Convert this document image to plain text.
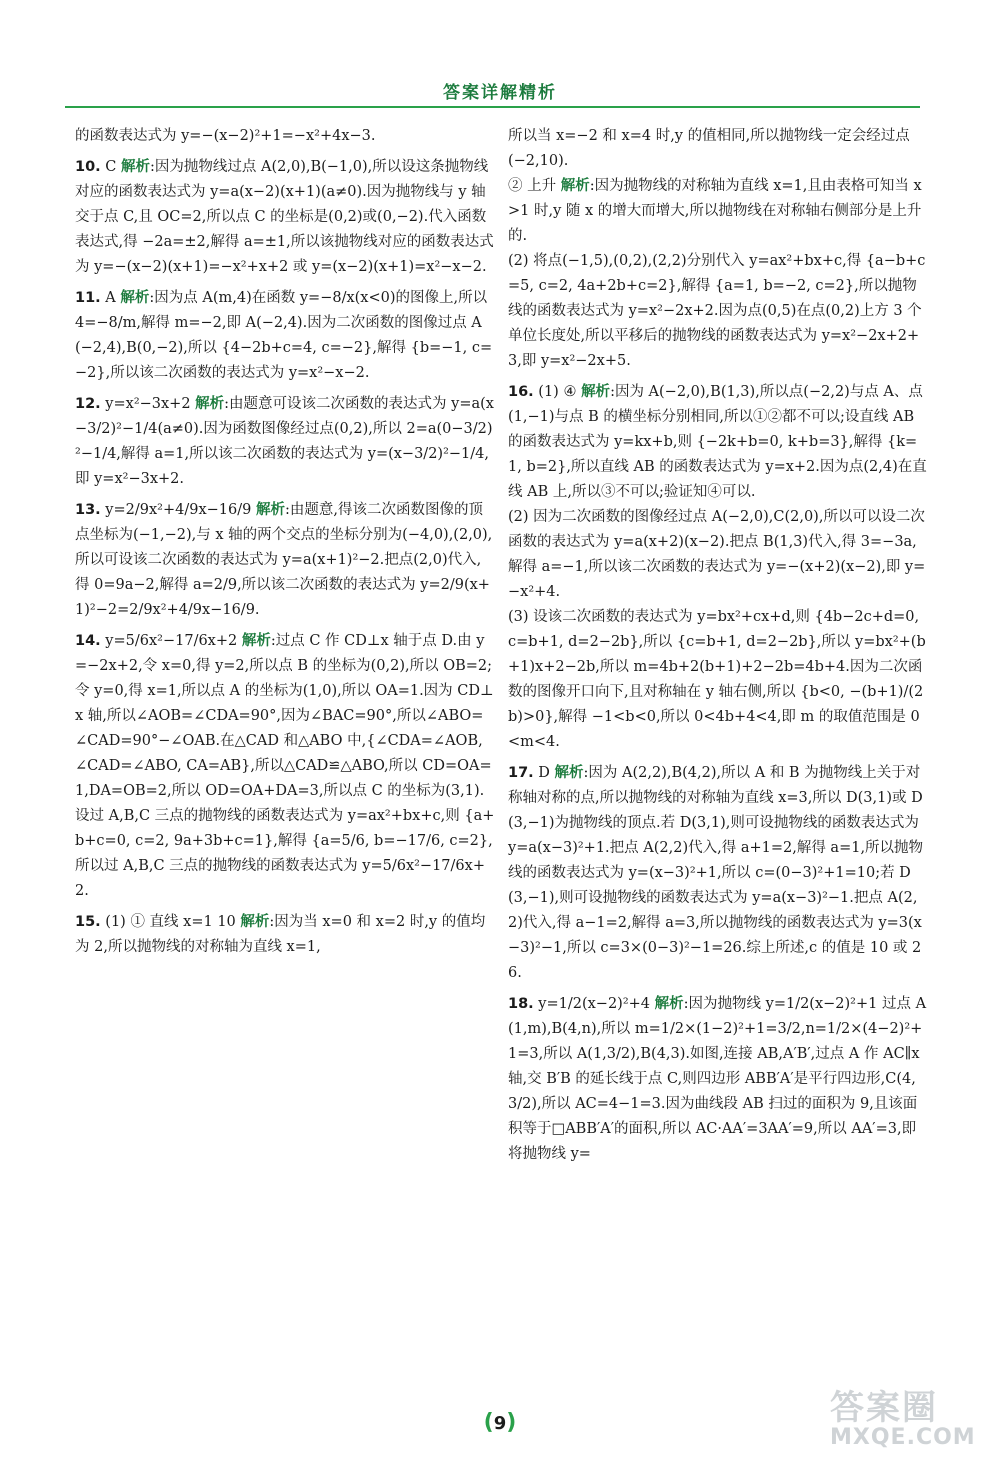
答案详解精析

的函数表达式为 y=−(x−2)²+1=−x²+4x−3.

10. C 解析:因为抛物线过点 A(2,0),B(−1,0),所以设这条抛物线对应的函数表达式为 y=a(x−2)(x+1)(a≠0).因为抛物线与 y 轴交于点 C,且 OC=2,所以点 C 的坐标是(0,2)或(0,−2).代入函数表达式,得 −2a=±2,解得 a=±1,所以该抛物线对应的函数表达式为 y=−(x−2)(x+1)=−x²+x+2 或 y=(x−2)(x+1)=x²−x−2.

11. A 解析:因为点 A(m,4)在函数 y=−8/x(x<0)的图像上,所以 4=−8/m,解得 m=−2,即 A(−2,4).因为二次函数的图像过点 A(−2,4),B(0,−2),所以 {4−2b+c=4, c=−2},解得 {b=−1, c=−2},所以该二次函数的表达式为 y=x²−x−2.

12. y=x²−3x+2 解析:由题意可设该二次函数的表达式为 y=a(x−3/2)²−1/4(a≠0).因为函数图像经过点(0,2),所以 2=a(0−3/2)²−1/4,解得 a=1,所以该二次函数的表达式为 y=(x−3/2)²−1/4,即 y=x²−3x+2.

13. y=2/9x²+4/9x−16/9 解析:由题意,得该二次函数图像的顶点坐标为(−1,−2),与 x 轴的两个交点的坐标分别为(−4,0),(2,0),所以可设该二次函数的表达式为 y=a(x+1)²−2.把点(2,0)代入,得 0=9a−2,解得 a=2/9,所以该二次函数的表达式为 y=2/9(x+1)²−2=2/9x²+4/9x−16/9.

14. y=5/6x²−17/6x+2 解析:过点 C 作 CD⊥x 轴于点 D.由 y=−2x+2,令 x=0,得 y=2,所以点 B 的坐标为(0,2),所以 OB=2;令 y=0,得 x=1,所以点 A 的坐标为(1,0),所以 OA=1.因为 CD⊥x 轴,所以∠AOB=∠CDA=90°,因为∠BAC=90°,所以∠ABO=∠CAD=90°−∠OAB.在△CAD 和△ABO 中,{∠CDA=∠AOB, ∠CAD=∠ABO, CA=AB},所以△CAD≌△ABO,所以 CD=OA=1,DA=OB=2,所以 OD=OA+DA=3,所以点 C 的坐标为(3,1).设过 A,B,C 三点的抛物线的函数表达式为 y=ax²+bx+c,则 {a+b+c=0, c=2, 9a+3b+c=1},解得 {a=5/6, b=−17/6, c=2},所以过 A,B,C 三点的抛物线的函数表达式为 y=5/6x²−17/6x+2.

15. (1) ① 直线 x=1 10 解析:因为当 x=0 和 x=2 时,y 的值均为 2,所以抛物线的对称轴为直线 x=1,

所以当 x=−2 和 x=4 时,y 的值相同,所以抛物线一定会经过点(−2,10).

② 上升 解析:因为抛物线的对称轴为直线 x=1,且由表格可知当 x>1 时,y 随 x 的增大而增大,所以抛物线在对称轴右侧部分是上升的.

(2) 将点(−1,5),(0,2),(2,2)分别代入 y=ax²+bx+c,得 {a−b+c=5, c=2, 4a+2b+c=2},解得 {a=1, b=−2, c=2},所以抛物线的函数表达式为 y=x²−2x+2.因为点(0,5)在点(0,2)上方 3 个单位长度处,所以平移后的抛物线的函数表达式为 y=x²−2x+2+3,即 y=x²−2x+5.

16. (1) ④ 解析:因为 A(−2,0),B(1,3),所以点(−2,2)与点 A、点(1,−1)与点 B 的横坐标分别相同,所以①②都不可以;设直线 AB 的函数表达式为 y=kx+b,则 {−2k+b=0, k+b=3},解得 {k=1, b=2},所以直线 AB 的函数表达式为 y=x+2.因为点(2,4)在直线 AB 上,所以③不可以;验证知④可以.

(2) 因为二次函数的图像经过点 A(−2,0),C(2,0),所以可以设二次函数的表达式为 y=a(x+2)(x−2).把点 B(1,3)代入,得 3=−3a,解得 a=−1,所以该二次函数的表达式为 y=−(x+2)(x−2),即 y=−x²+4.

(3) 设该二次函数的表达式为 y=bx²+cx+d,则 {4b−2c+d=0, c=b+1, d=2−2b},所以 {c=b+1, d=2−2b},所以 y=bx²+(b+1)x+2−2b,所以 m=4b+2(b+1)+2−2b=4b+4.因为二次函数的图像开口向下,且对称轴在 y 轴右侧,所以 {b<0, −(b+1)/(2b)>0},解得 −1<b<0,所以 0<4b+4<4,即 m 的取值范围是 0<m<4.

17. D 解析:因为 A(2,2),B(4,2),所以 A 和 B 为抛物线上关于对称轴对称的点,所以抛物线的对称轴为直线 x=3,所以 D(3,1)或 D(3,−1)为抛物线的顶点.若 D(3,1),则可设抛物线的函数表达式为 y=a(x−3)²+1.把点 A(2,2)代入,得 a+1=2,解得 a=1,所以抛物线的函数表达式为 y=(x−3)²+1,所以 c=(0−3)²+1=10;若 D(3,−1),则可设抛物线的函数表达式为 y=a(x−3)²−1.把点 A(2,2)代入,得 a−1=2,解得 a=3,所以抛物线的函数表达式为 y=3(x−3)²−1,所以 c=3×(0−3)²−1=26.综上所述,c 的值是 10 或 26.

18. y=1/2(x−2)²+4 解析:因为抛物线 y=1/2(x−2)²+1 过点 A(1,m),B(4,n),所以 m=1/2×(1−2)²+1=3/2,n=1/2×(4−2)²+1=3,所以 A(1,3/2),B(4,3).如图,连接 AB,A′B′,过点 A 作 AC∥x 轴,交 B′B 的延长线于点 C,则四边形 ABB′A′是平行四边形,C(4,3/2),所以 AC=4−1=3.因为曲线段 AB 扫过的面积为 9,且该面积等于□ABB′A′的面积,所以 AC·AA′=3AA′=9,所以 AA′=3,即将抛物线 y=

(9)	答案圈
MXQE.COM
